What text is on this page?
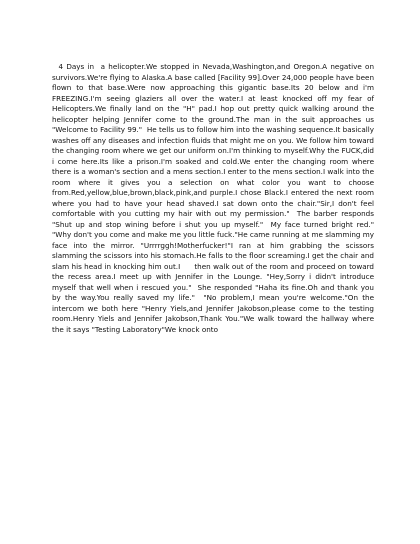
4 Days in  a helicopter.We stopped in Nevada,Washington,and Oregon.A negative on survivors.We're flying to Alaska.A base called [Facility 99].Over 24,000 people have been flown to that base.Were now approaching this gigantic base.Its 20 below and i'm FREEZING.I'm seeing glaziers all over the water.I at least knocked off my fear of Helicopters.We finally land on the "H" pad.I hop out pretty quick walking around the helicopter helping Jennifer come to the ground.The man in the suit approaches us "Welcome to Facility 99."  He tells us to follow him into the washing sequence.It basically washes off any diseases and infection fluids that might me on you. We follow him toward the changing room where we get our uniform on.I'm thinking to myself.Why the FUCK,did i come here.Its like a prison.I'm soaked and cold.We enter the changing room where there is a woman's section and a mens section.I enter to the mens section.I walk into the room where it gives you a selection on what color you want to choose from.Red,yellow,blue,brown,black,pink,and purple.I chose Black.I entered the next room where you had to have your head shaved.I sat down onto the chair."Sir,I don't feel comfortable with you cutting my hair with out my permission."  The barber responds "Shut up and stop wining before i shut you up myself."  My face turned bright red."  "Why don't you come and make me you little fuck."He came running at me slamming my face into the mirror. "Urrrrggh!Motherfucker!"I ran at him grabbing the scissors slamming the scissors into his stomach.He falls to the floor screaming.I get the chair and slam his head in knocking him out.I      then walk out of the room and proceed on toward the recess area.I meet up with Jennifer in the Lounge. "Hey,Sorry i didn't introduce myself that well when i rescued you."  She responded "Haha its fine.Oh and thank you by the way.You really saved my life."  "No problem,I mean you're welcome."On the intercom we both here "Henry Yiels,and Jennifer Jakobson,please come to the testing room.Henry Yiels and Jennifer Jakobson,Thank You."We walk toward the hallway where the it says "Testing Laboratory"We knock onto
